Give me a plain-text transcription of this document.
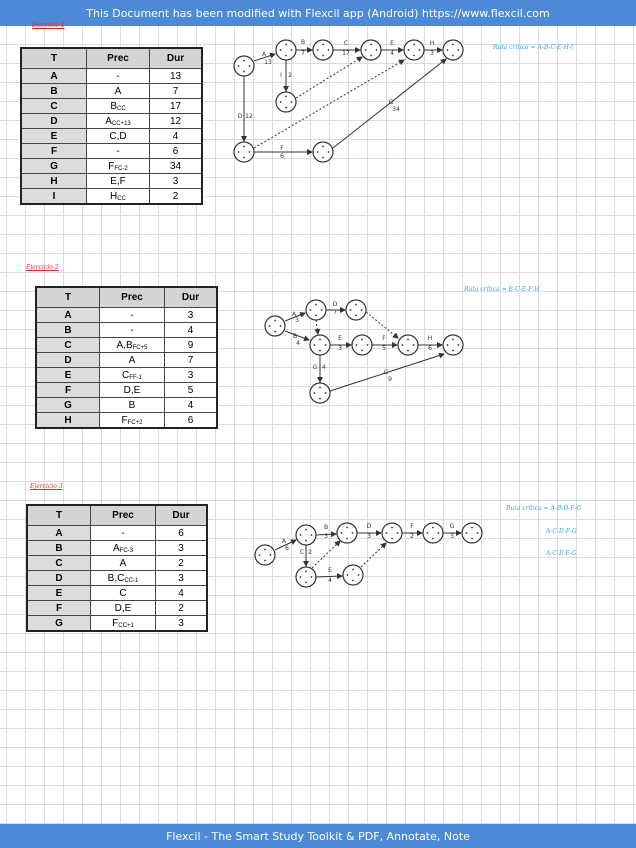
This Document has been modified with Flexcil app (Android) https://www.flexcil.com
Ejercicio 1
T	Prec	Dur
A	-	13
B	A	7
C	BCC	17
D	ACC+13	12
E	C,D	4
F	-	6
G	FFC-2	34
H	E,F	3
I	HCC	2
Ruta crítica = A-B-C-E-H-I
Ejercicio 2
T	Prec	Dur
A	-	3
B	-	4
C	A,BFC+5	9
D	A	7
E	CFF-1	3
F	D,E	5
G	B	4
H	FFC+2	6
Ruta crítica = B-C-E-F-H
Ejercicio 3
T	Prec	Dur
A	-	6
B	AFC-3	3
C	A	2
D	B,CCC-1	3
E	C	4
F	D,E	2
G	FCC+1	3
Ruta crítica = A-B-D-F-G
A-C-D-F-G
A-C-E-F-G
A
13
B
7
C
17
E
4
H
3
I 2
D 12
F
6
G
34
A
3
B
4
D
7
C
9
E
3
F
5
H
6
G 4
A
6
B
3
C 2
D
3
E
4
F
2
G
3
Flexcil - The Smart Study Toolkit & PDF, Annotate, Note
